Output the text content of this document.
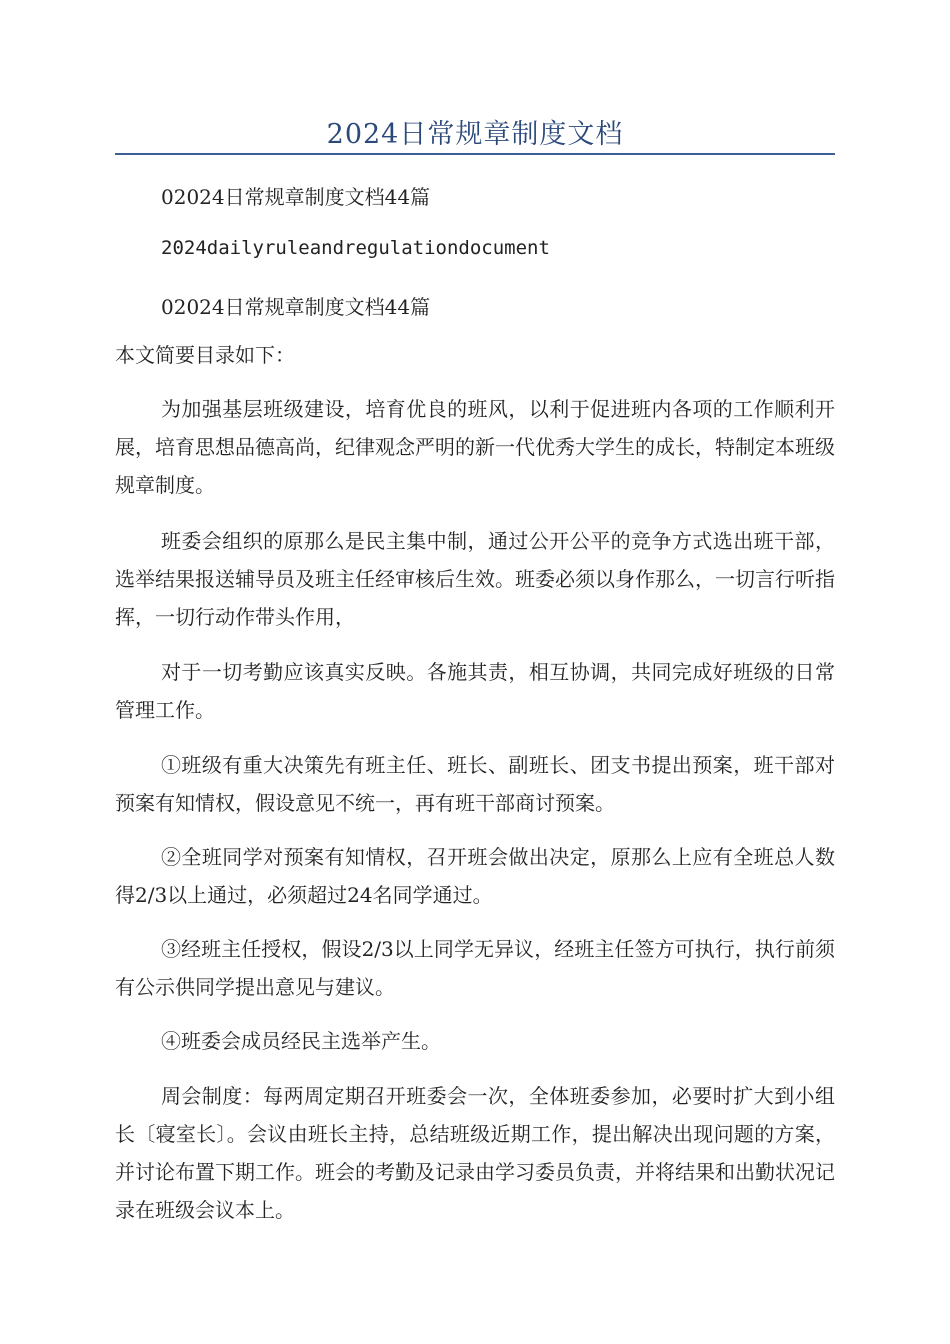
2024日常规章制度文档
02024日常规章制度文档44篇
2024dailyruleandregulationdocument
02024日常规章制度文档44篇

本文简要目录如下：

为加强基层班级建设，培育优良的班风，以利于促进班内各项的工作顺利开展，培育思想品德高尚，纪律观念严明的新一代优秀大学生的成长，特制定本班级规章制度。

班委会组织的原那么是民主集中制，通过公开公平的竞争方式选出班干部，选举结果报送辅导员及班主任经审核后生效。班委必须以身作那么，一切言行听指挥，一切行动作带头作用，

对于一切考勤应该真实反映。各施其责，相互协调，共同完成好班级的日常管理工作。

①班级有重大决策先有班主任、班长、副班长、团支书提出预案，班干部对预案有知情权，假设意见不统一，再有班干部商讨预案。

②全班同学对预案有知情权，召开班会做出决定，原那么上应有全班总人数得2/3以上通过，必须超过24名同学通过。

③经班主任授权，假设2/3以上同学无异议，经班主任签方可执行，执行前须有公示供同学提出意见与建议。

④班委会成员经民主选举产生。

周会制度：每两周定期召开班委会一次，全体班委参加，必要时扩大到小组长〔寝室长〕。会议由班长主持，总结班级近期工作，提出解决出现问题的方案，并讨论布置下期工作。班会的考勤及记录由学习委员负责，并将结果和出勤状况记录在班级会议本上。
